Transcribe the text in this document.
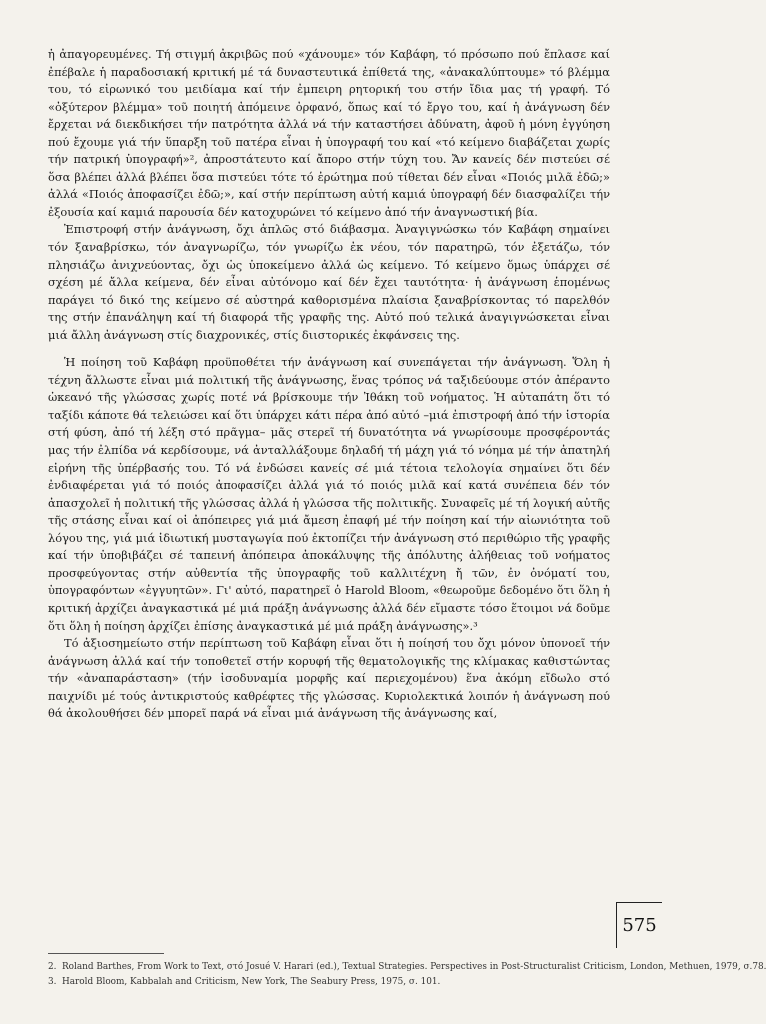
ἡ ἀπαγορευμένες. Τή στιγμή ἀκριβῶς πού «χάνουμε» τόν Καβάφη, τό πρόσωπο πού ἔπλασε καί ἐπέβαλε ἡ παραδοσιακή κριτική μέ τά δυναστευτικά ἐπίθετά της, «ἀνακαλύπτουμε» τό βλέμμα του, τό εἰρωνικό του μειδίαμα καί τήν ἐμπειρη ρητορική του στήν ἴδια μας τή γραφή. Τό «ὀξύτερον βλέμμα» τοῦ ποιητή ἀπόμεινε ὀρφανό, ὅπως καί τό ἔργο του, καί ἡ ἀνάγνωση δέν ἔρχεται νά διεκδικήσει τήν πατρότητα ἀλλά νά τήν καταστήσει ἀδύνατη, ἀφοῦ ἡ μόνη ἐγγύηση πού ἔχουμε γιά τήν ὕπαρξη τοῦ πατέρα εἶναι ἡ ὑπογραφή του καί «τό κείμενο διαβάζεται χωρίς τήν πατρική ὑπογραφή»², ἀπροστάτευτο καί ἄπορο στήν τύχη του. Ἄν κανείς δέν πιστεύει σέ ὅσα βλέπει ἀλλά βλέπει ὅσα πιστεύει τότε τό ἐρώτημα πού τίθεται δέν εἶναι «Ποιός μιλᾶ ἐδῶ;» ἀλλά «Ποιός ἀποφασίζει ἐδῶ;», καί στήν περίπτωση αὐτή καμιά ὑπογραφή δέν διασφαλίζει τήν ἐξουσία καί καμιά παρουσία δέν κατοχυρώνει τό κείμενο ἀπό τήν ἀναγνωστική βία.

Ἐπιστροφή στήν ἀνάγνωση, ὄχι ἁπλῶς στό διάβασμα. Ἀναγιγνώσκω τόν Καβάφη σημαίνει τόν ξαναβρίσκω, τόν ἀναγνωρίζω, τόν γνωρίζω ἐκ νέου, τόν παρατηρῶ, τόν ἐξετάζω, τόν πλησιάζω ἀνιχνεύοντας, ὄχι ὡς ὑποκείμενο ἀλλά ὡς κείμενο. Τό κείμενο ὅμως ὑπάρχει σέ σχέση μέ ἄλλα κείμενα, δέν εἶναι αὐτόνομο καί δέν ἔχει ταυτότητα· ἡ ἀνάγνωση ἑπομένως παράγει τό δικό της κείμενο σέ αὐστηρά καθορισμένα πλαίσια ξαναβρίσκοντας τό παρελθόν της στήν ἐπανάληψη καί τή διαφορά τῆς γραφῆς της. Αὐτό πού τελικά ἀναγιγνώσκεται εἶναι μιά ἄλλη ἀνάγνωση στίς διαχρονικές, στίς διιστορικές ἐκφάνσεις της.

Ἡ ποίηση τοῦ Καβάφη προϋποθέτει τήν ἀνάγνωση καί συνεπάγεται τήν ἀνάγνωση. Ὅλη ἡ τέχνη ἄλλωστε εἶναι μιά πολιτική τῆς ἀνάγνωσης, ἕνας τρόπος νά ταξιδεύουμε στόν ἀπέραντο ὠκεανό τῆς γλώσσας χωρίς ποτέ νά βρίσκουμε τήν Ἰθάκη τοῦ νοήματος. Ἡ αὐταπάτη ὅτι τό ταξίδι κάποτε θά τελειώσει καί ὅτι ὑπάρχει κάτι πέρα ἀπό αὐτό –μιά ἐπιστροφή ἀπό τήν ἱστορία στή φύση, ἀπό τή λέξη στό πρᾶγμα– μᾶς στερεῖ τή δυνατότητα νά γνωρίσουμε προσφέροντάς μας τήν ἐλπίδα νά κερδίσουμε, νά ἀνταλλάξουμε δηλαδή τή μάχη γιά τό νόημα μέ τήν ἀπατηλή εἰρήνη τῆς ὑπέρβασής του. Τό νά ἐνδώσει κανείς σέ μιά τέτοια τελολογία σημαίνει ὅτι δέν ἐνδιαφέρεται γιά τό ποιός ἀποφασίζει ἀλλά γιά τό ποιός μιλᾶ καί κατά συνέπεια δέν τόν ἀπασχολεῖ ἡ πολιτική τῆς γλώσσας ἀλλά ἡ γλώσσα τῆς πολιτικῆς. Συναφεῖς μέ τή λογική αὐτῆς τῆς στάσης εἶναι καί οἱ ἀπόπειρες γιά μιά ἄμεση ἐπαφή μέ τήν ποίηση καί τήν αἰωνιότητα τοῦ λόγου της, γιά μιά ἰδιωτική μυσταγωγία πού ἐκτοπίζει τήν ἀνάγνωση στό περιθώριο τῆς γραφῆς καί τήν ὑποβιβάζει σέ ταπεινή ἀπόπειρα ἀποκάλυψης τῆς ἀπόλυτης ἀλήθειας τοῦ νοήματος προσφεύγοντας στήν αὐθεντία τῆς ὑπογραφῆς τοῦ καλλιτέχνη ἤ τῶν, ἐν ὀνόματί του, ὑπογραφόντων «ἐγγυητῶν». Γι' αὐτό, παρατηρεῖ ὁ Harold Bloom, «θεωροῦμε δεδομένο ὅτι ὅλη ἡ κριτική ἀρχίζει ἀναγκαστικά μέ μιά πράξη ἀνάγνωσης ἀλλά δέν εἴμαστε τόσο ἕτοιμοι νά δοῦμε ὅτι ὅλη ἡ ποίηση ἀρχίζει ἐπίσης ἀναγκαστικά μέ μιά πράξη ἀνάγνωσης».³

Τό ἀξιοσημείωτο στήν περίπτωση τοῦ Καβάφη εἶναι ὅτι ἡ ποίησή του ὄχι μόνον ὑπονοεῖ τήν ἀνάγνωση ἀλλά καί τήν τοποθετεῖ στήν κορυφή τῆς θεματολογικῆς της κλίμακας καθιστώντας τήν «ἀναπαράσταση» (τήν ἰσοδυναμία μορφῆς καί περιεχομένου) ἕνα ἀκόμη εἴδωλο στό παιχνίδι μέ τούς ἀντικριστούς καθρέφτες τῆς γλώσσας. Κυριολεκτικά λοιπόν ἡ ἀνάγνωση πού θά ἀκολουθήσει δέν μπορεῖ παρά νά εἶναι μιά ἀνάγνωση τῆς ἀνάγνωσης καί,

575

2. Roland Barthes, From Work to Text, στό Josué V. Harari (ed.), Textual Strategies. Perspectives in Post-Structuralist Criticism, London, Methuen, 1979, σ.78.

3. Harold Bloom, Kabbalah and Criticism, New York, The Seabury Press, 1975, σ. 101.
